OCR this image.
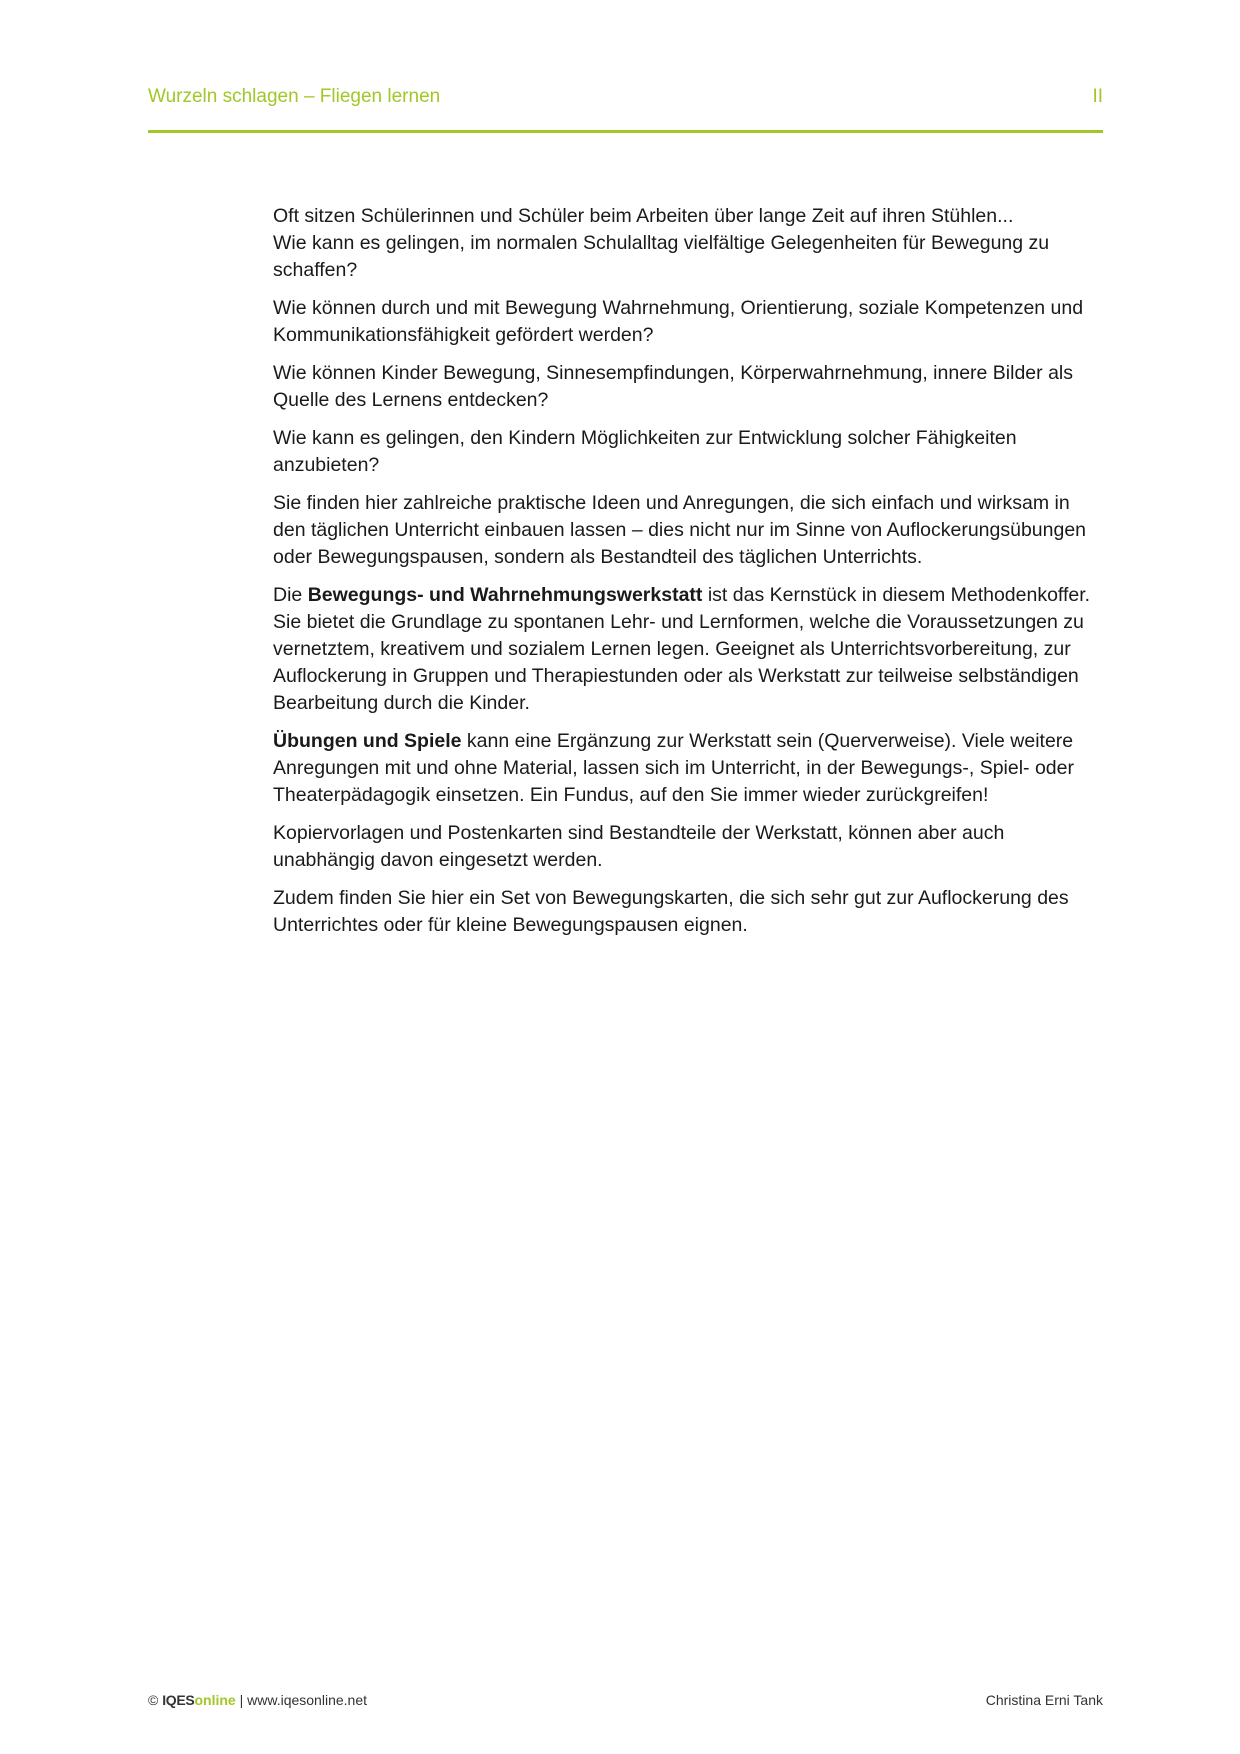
Wurzeln schlagen – Fliegen lernen	II

Oft sitzen Schülerinnen und Schüler beim Arbeiten über lange Zeit auf ihren Stühlen...
Wie kann es gelingen, im normalen Schulalltag vielfältige Gelegenheiten für Bewegung zu schaffen?

Wie können durch und mit Bewegung Wahrnehmung, Orientierung, soziale Kompetenzen und Kommunikationsfähigkeit gefördert werden?

Wie können Kinder Bewegung, Sinnesempfindungen, Körperwahrnehmung, innere Bilder als Quelle des Lernens entdecken?

Wie kann es gelingen, den Kindern Möglichkeiten zur Entwicklung solcher Fähigkeiten anzubieten?

Sie finden hier zahlreiche praktische Ideen und Anregungen, die sich einfach und wirksam in den täglichen Unterricht einbauen lassen – dies nicht nur im Sinne von Auflockerungsübungen oder Bewegungspausen, sondern als Bestandteil des täglichen Unterrichts.

Die Bewegungs- und Wahrnehmungswerkstatt ist das Kernstück in diesem Methodenkoffer. Sie bietet die Grundlage zu spontanen Lehr- und Lernformen, welche die Voraussetzungen zu vernetztem, kreativem und sozialem Lernen legen. Geeignet als Unterrichtsvorbereitung, zur Auflockerung in Gruppen und Therapiestunden oder als Werkstatt zur teilweise selbständigen Bearbeitung durch die Kinder.

Übungen und Spiele kann eine Ergänzung zur Werkstatt sein (Querverweise). Viele weitere Anregungen mit und ohne Material, lassen sich im Unterricht, in der Bewegungs-, Spiel- oder Theaterpädagogik einsetzen. Ein Fundus, auf den Sie immer wieder zurückgreifen!

Kopiervorlagen und Postenkarten sind Bestandteile der Werkstatt, können aber auch unabhängig davon eingesetzt werden.

Zudem finden Sie hier ein Set von Bewegungskarten, die sich sehr gut zur Auflockerung des Unterrichtes oder für kleine Bewegungspausen eignen.

© IQESonline | www.iqesonline.net	Christina Erni Tank
